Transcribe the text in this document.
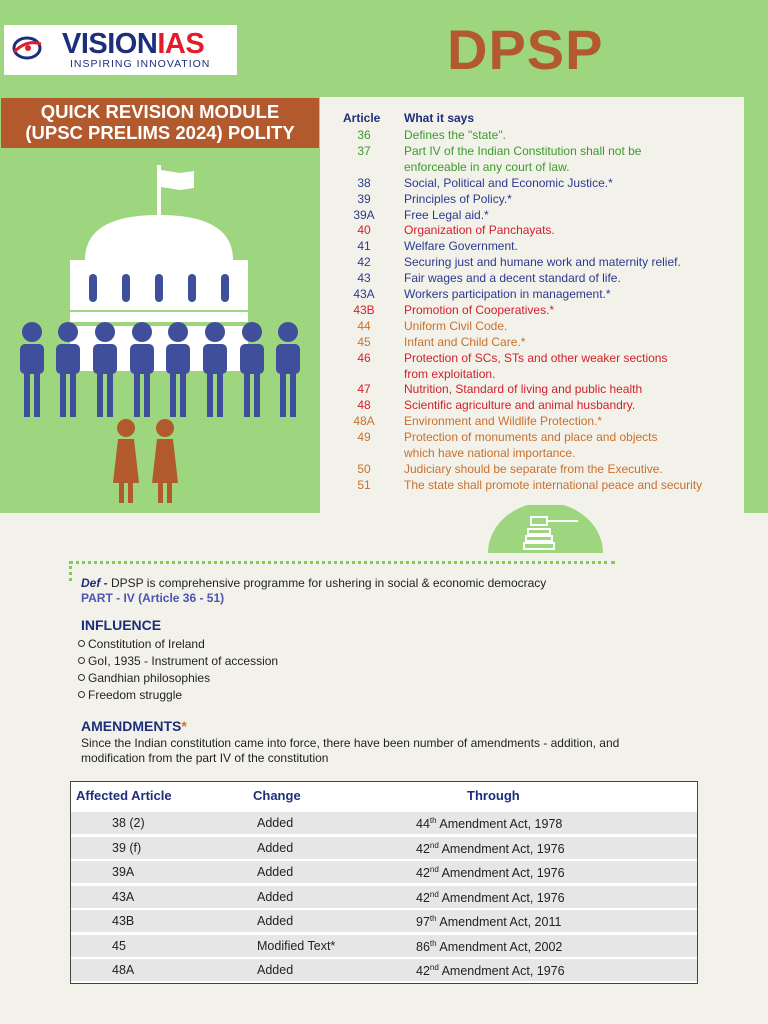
VISIONIAS
INSPIRING INNOVATION	DPSP
QUICK REVISION MODULE
(UPSC PRELIMS 2024) POLITY
Article What it says
36	Defines the "state".
37	Part IV of the Indian Constitution shall not be
enforceable in any court of law.
38	Social, Political and Economic Justice.*
39	Principles of Policy.*
39A	Free Legal aid.*
40	Organization of Panchayats.
41	Welfare Government.
42	Securing just and humane work and maternity relief.
43	Fair wages and a decent standard of life.
43A	Workers participation in management.*
43B	Promotion of Cooperatives.*
44	Uniform Civil Code.
45	Infant and Child Care.*
46	Protection of SCs, STs and other weaker sections
from exploitation.
47	Nutrition, Standard of living and public health
48	Scientific agriculture and animal husbandry.
48A	Environment and Wildlife Protection.*
49	Protection of monuments and place and objects
which have national importance.
50	Judiciary should be separate from the Executive.
51	The state shall promote international peace and security
Def - DPSP is comprehensive programme for ushering in social & economic democracy
PART - IV (Article 36 - 51)
INFLUENCE
Constitution of Ireland
GoI, 1935 - Instrument of accession
Gandhian philosophies
Freedom struggle
AMENDMENTS*
Since the Indian constitution came into force, there have been number of amendments - addition, and modification from the part IV of the constitution
Affected Article	Change	Through
38 (2)	Added	44th Amendment Act, 1978
39 (f)	Added	42nd Amendment Act, 1976
39A	Added	42nd Amendment Act, 1976
43A	Added	42nd Amendment Act, 1976
43B	Added	97th Amendment Act, 2011
45	Modified Text*	86th Amendment Act, 2002
48A	Added	42nd Amendment Act, 1976
